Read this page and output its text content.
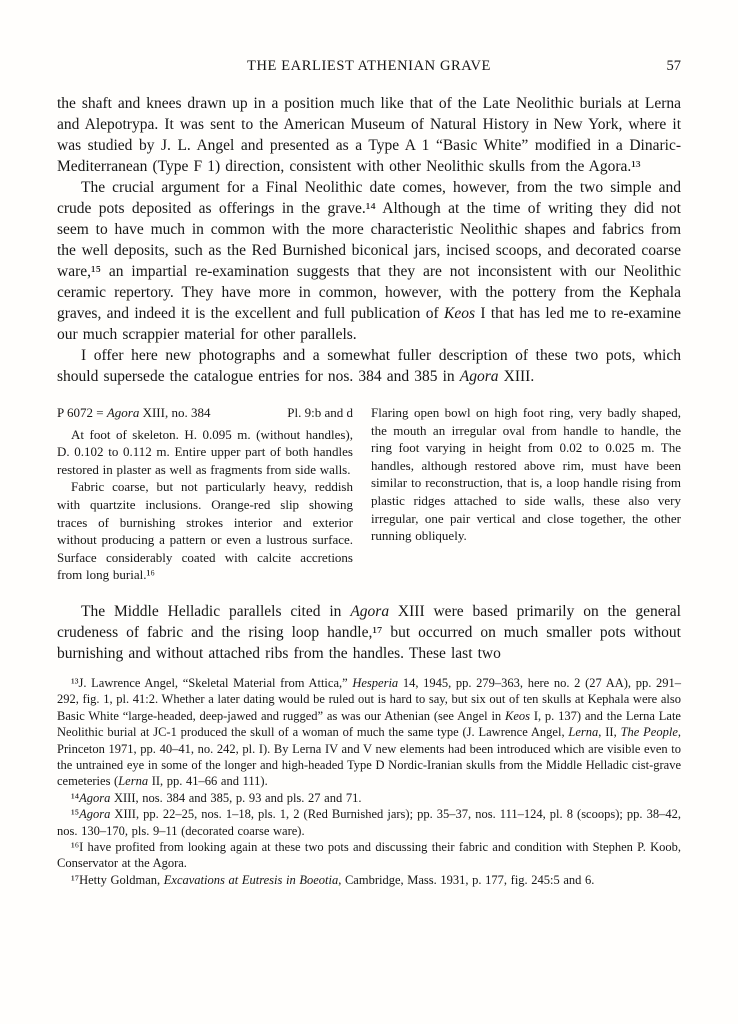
THE EARLIEST ATHENIAN GRAVE	57

the shaft and knees drawn up in a position much like that of the Late Neolithic burials at Lerna and Alepotrypa. It was sent to the American Museum of Natural History in New York, where it was studied by J. L. Angel and presented as a Type A 1 “Basic White” modified in a Dinaric-Mediterranean (Type F 1) direction, consistent with other Neolithic skulls from the Agora.¹³

The crucial argument for a Final Neolithic date comes, however, from the two simple and crude pots deposited as offerings in the grave.¹⁴ Although at the time of writing they did not seem to have much in common with the more characteristic Neolithic shapes and fabrics from the well deposits, such as the Red Burnished biconical jars, incised scoops, and decorated coarse ware,¹⁵ an impartial re-examination suggests that they are not inconsistent with our Neolithic ceramic repertory. They have more in common, however, with the pottery from the Kephala graves, and indeed it is the excellent and full publication of Keos I that has led me to re-examine our much scrappier material for other parallels.

I offer here new photographs and a somewhat fuller description of these two pots, which should supersede the catalogue entries for nos. 384 and 385 in Agora XIII.

P 6072 = Agora XIII, no. 384	Pl. 9:b and d

At foot of skeleton. H. 0.095 m. (without handles), D. 0.102 to 0.112 m. Entire upper part of both handles restored in plaster as well as fragments from side walls.

Fabric coarse, but not particularly heavy, reddish with quartzite inclusions. Orange-red slip showing traces of burnishing strokes interior and exterior without producing a pattern or even a lustrous surface. Surface considerably coated with calcite accretions from long burial.¹⁶

Flaring open bowl on high foot ring, very badly shaped, the mouth an irregular oval from handle to handle, the ring foot varying in height from 0.02 to 0.025 m. The handles, although restored above rim, must have been similar to reconstruction, that is, a loop handle rising from plastic ridges attached to side walls, these also very irregular, one pair vertical and close together, the other running obliquely.

The Middle Helladic parallels cited in Agora XIII were based primarily on the general crudeness of fabric and the rising loop handle,¹⁷ but occurred on much smaller pots without burnishing and without attached ribs from the handles. These last two

¹³J. Lawrence Angel, “Skeletal Material from Attica,” Hesperia 14, 1945, pp. 279–363, here no. 2 (27 AA), pp. 291–292, fig. 1, pl. 41:2. Whether a later dating would be ruled out is hard to say, but six out of ten skulls at Kephala were also Basic White “large-headed, deep-jawed and rugged” as was our Athenian (see Angel in Keos I, p. 137) and the Lerna Late Neolithic burial at JC-1 produced the skull of a woman of much the same type (J. Lawrence Angel, Lerna, II, The People, Princeton 1971, pp. 40–41, no. 242, pl. I). By Lerna IV and V new elements had been introduced which are visible even to the untrained eye in some of the longer and high-headed Type D Nordic-Iranian skulls from the Middle Helladic cist-grave cemeteries (Lerna II, pp. 41–66 and 111).

¹⁴Agora XIII, nos. 384 and 385, p. 93 and pls. 27 and 71.

¹⁵Agora XIII, pp. 22–25, nos. 1–18, pls. 1, 2 (Red Burnished jars); pp. 35–37, nos. 111–124, pl. 8 (scoops); pp. 38–42, nos. 130–170, pls. 9–11 (decorated coarse ware).

¹⁶I have profited from looking again at these two pots and discussing their fabric and condition with Stephen P. Koob, Conservator at the Agora.

¹⁷Hetty Goldman, Excavations at Eutresis in Boeotia, Cambridge, Mass. 1931, p. 177, fig. 245:5 and 6.
